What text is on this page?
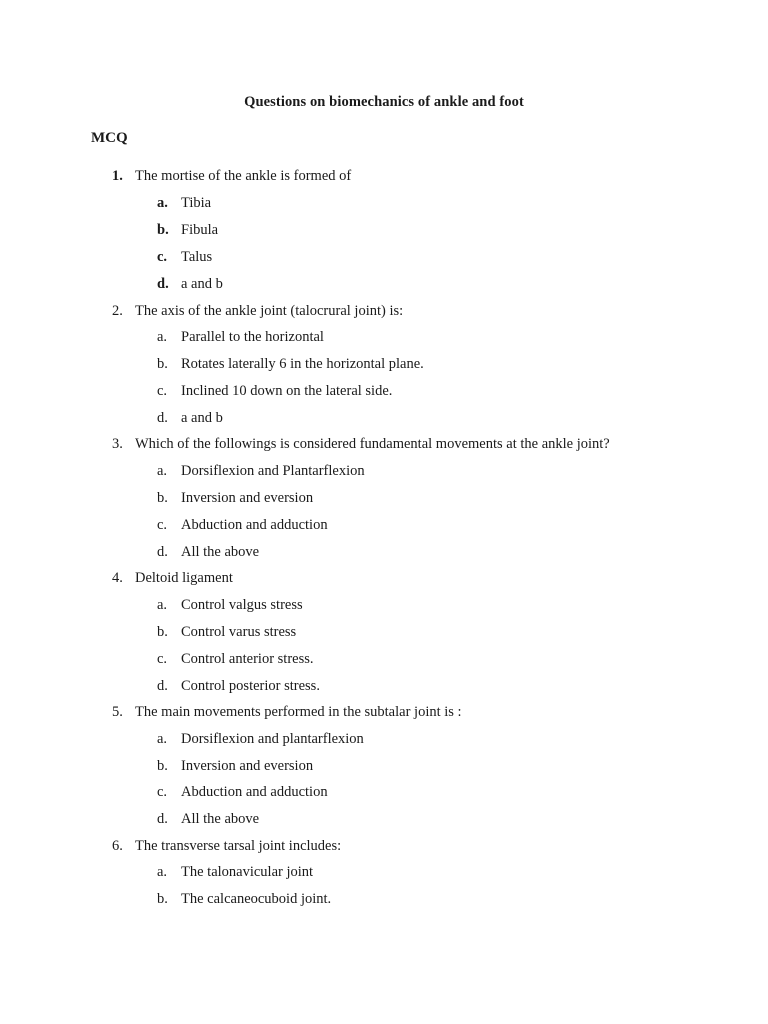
Questions on biomechanics of ankle and foot
MCQ
1. The mortise of the ankle is formed of
a. Tibia
b. Fibula
c. Talus
d. a and b
2. The axis of the ankle joint (talocrural joint) is:
a. Parallel to the horizontal
b. Rotates laterally 6 in the horizontal plane.
c. Inclined 10 down on the lateral side.
d. a and b
3. Which of the followings is considered fundamental movements at the ankle joint?
a. Dorsiflexion and Plantarflexion
b. Inversion and eversion
c. Abduction and adduction
d. All the above
4. Deltoid ligament
a. Control valgus stress
b. Control varus stress
c. Control anterior stress.
d. Control posterior stress.
5. The main movements performed in the subtalar joint is :
a. Dorsiflexion and plantarflexion
b. Inversion and eversion
c. Abduction and adduction
d. All the above
6. The transverse tarsal joint includes:
a. The talonavicular joint
b. The calcaneocuboid joint.
